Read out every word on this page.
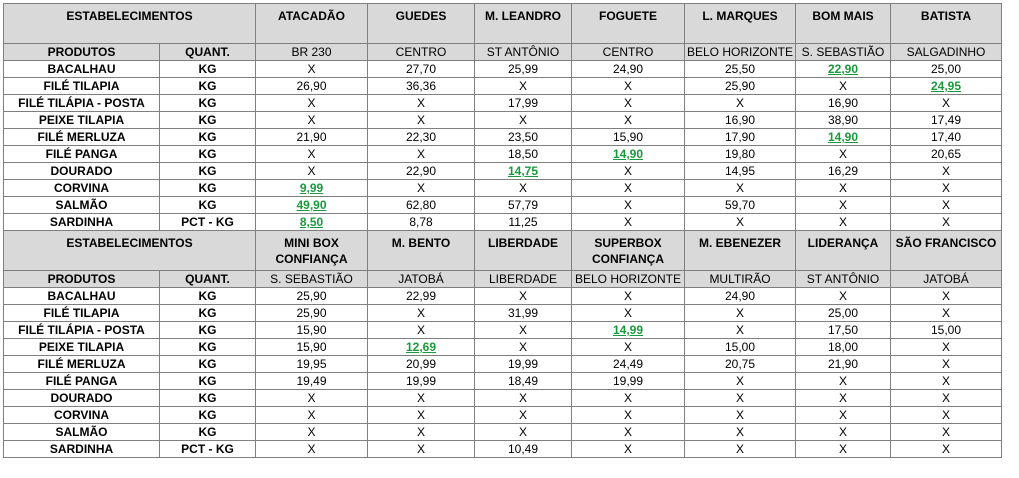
ESTABELECIMENTOS		ATACADÃO	GUEDES	M. LEANDRO	FOGUETE	L. MARQUES	BOM MAIS	BATISTA
PRODUTOS	QUANT.	BR 230	CENTRO	ST ANTÔNIO	CENTRO	BELO HORIZONTE	S. SEBASTIÃO	SALGADINHO
BACALHAU	KG	X	27,70	25,99	24,90	25,50	22,90	25,00
FILÉ TILAPIA	KG	26,90	36,36	X	X	25,90	X	24,95
FILÉ TILÁPIA - POSTA	KG	X	X	17,99	X	X	16,90	X
PEIXE TILAPIA	KG	X	X	X	X	16,90	38,90	17,49
FILÉ MERLUZA	KG	21,90	22,30	23,50	15,90	17,90	14,90	17,40
FILÉ PANGA	KG	X	X	18,50	14,90	19,80	X	20,65
DOURADO	KG	X	22,90	14,75	X	14,95	16,29	X
CORVINA	KG	9,99	X	X	X	X	X	X
SALMÃO	KG	49,90	62,80	57,79	X	59,70	X	X
SARDINHA	PCT - KG	8,50	8,78	11,25	X	X	X	X
ESTABELECIMENTOS		MINI BOX CONFIANÇA	M. BENTO	LIBERDADE	SUPERBOX CONFIANÇA	M. EBENEZER	LIDERANÇA	SÃO FRANCISCO
PRODUTOS	QUANT.	S. SEBASTIÃO	JATOBÁ	LIBERDADE	BELO HORIZONTE	MULTIRÃO	ST ANTÔNIO	JATOBÁ
BACALHAU	KG	25,90	22,99	X	X	24,90	X	X
FILÉ TILAPIA	KG	25,90	X	31,99	X	X	25,00	X
FILÉ TILÁPIA - POSTA	KG	15,90	X	X	14,99	X	17,50	15,00
PEIXE TILAPIA	KG	15,90	12,69	X	X	15,00	18,00	X
FILÉ MERLUZA	KG	19,95	20,99	19,99	24,49	20,75	21,90	X
FILÉ PANGA	KG	19,49	19,99	18,49	19,99	X	X	X
DOURADO	KG	X	X	X	X	X	X	X
CORVINA	KG	X	X	X	X	X	X	X
SALMÃO	KG	X	X	X	X	X	X	X
SARDINHA	PCT - KG	X	X	10,49	X	X	X	X
